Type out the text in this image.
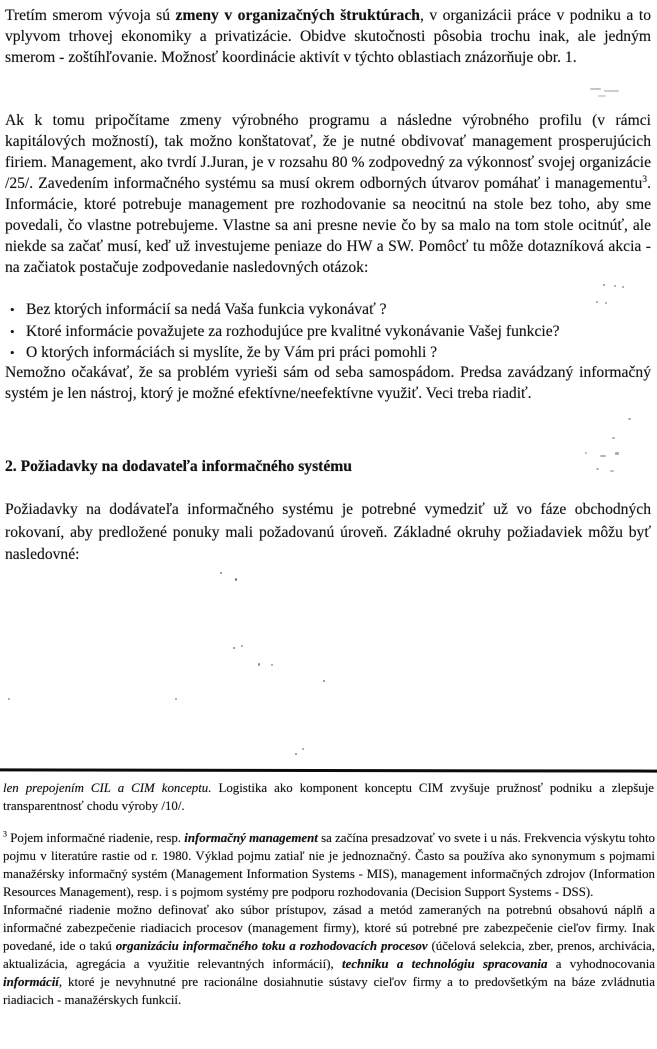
Tretím smerom vývoja sú zmeny v organizačných štruktúrach, v organizácii práce v podniku a to vplyvom trhovej ekonomiky a privatizácie. Obidve skutočnosti pôsobia trochu inak, ale jedným smerom - zoštíhľovanie. Možnosť koordinácie aktivít v týchto oblastiach znázorňuje obr. 1.

Ak k tomu pripočítame zmeny výrobného programu a následne výrobného profilu (v rámci kapitálových možností), tak možno konštatovať, že je nutné obdivovať management prosperujúcich firiem. Management, ako tvrdí J.Juran, je v rozsahu 80 % zodpovedný za výkonnosť svojej organizácie /25/. Zavedením informačného systému sa musí okrem odborných útvarov pomáhať i managementu$^3$. Informácie, ktoré potrebuje management pre rozhodovanie sa neocitnú na stole bez toho, aby sme povedali, čo vlastne potrebujeme. Vlastne sa ani presne nevie čo by sa malo na tom stole ocitnúť, ale niekde sa začať musí, keď už investujeme peniaze do HW a SW. Pomôcť tu môže dotazníková akcia - na začiatok postačuje zodpovedanie nasledovných otázok:

• Bez ktorých informácií sa nedá Vaša funkcia vykonávať ?
• Ktoré informácie považujete za rozhodujúce pre kvalitné vykonávanie Vašej funkcie?
• O ktorých informáciách si myslíte, že by Vám pri práci pomohli ?

Nemožno očakávať, že sa problém vyrieši sám od seba samospádom. Predsa zavádzaný informačný systém je len nástroj, ktorý je možné efektívne/neefektívne využiť. Veci treba riadiť.

2. Požiadavky na dodavateľa informačného systému

Požiadavky na dodávateľa informačného systému je potrebné vymedziť už vo fáze obchodných rokovaní, aby predložené ponuky mali požadovanú úroveň. Základné okruhy požiadaviek môžu byť nasledovné:

len prepojením CIL a CIM konceptu. Logistika ako komponent konceptu CIM zvyšuje pružnosť podniku a zlepšuje transparentnosť chodu výroby /10/.

$^3$ Pojem informačné riadenie, resp. informačný management sa začína presadzovať vo svete i u nás. Frekvencia výskytu tohto pojmu v literatúre rastie od r. 1980. Výklad pojmu zatiaľ nie je jednoznačný. Často sa používa ako synonymum s pojmami manažérsky informačný systém (Management Information Systems - MIS), management informačných zdrojov (Information Resources Management), resp. i s pojmom systémy pre podporu rozhodovania (Decision Support Systems - DSS).

Informačné riadenie možno definovať ako súbor prístupov, zásad a metód zameraných na potrebnú obsahovú náplň a informačné zabezpečenie riadiacich procesov (management firmy), ktoré sú potrebné pre zabezpečenie cieľov firmy. Inak povedané, ide o takú organizáciu informačného toku a rozhodovacích procesov (účelová selekcia, zber, prenos, archivácia, aktualizácia, agregácia a využitie relevantných informácií), techniku a technológiu spracovania a vyhodnocovania informácií, ktoré je nevyhnutné pre racionálne dosiahnutie sústavy cieľov firmy a to predovšetkým na báze zvládnutia riadiacich - manažérskych funkcií.
